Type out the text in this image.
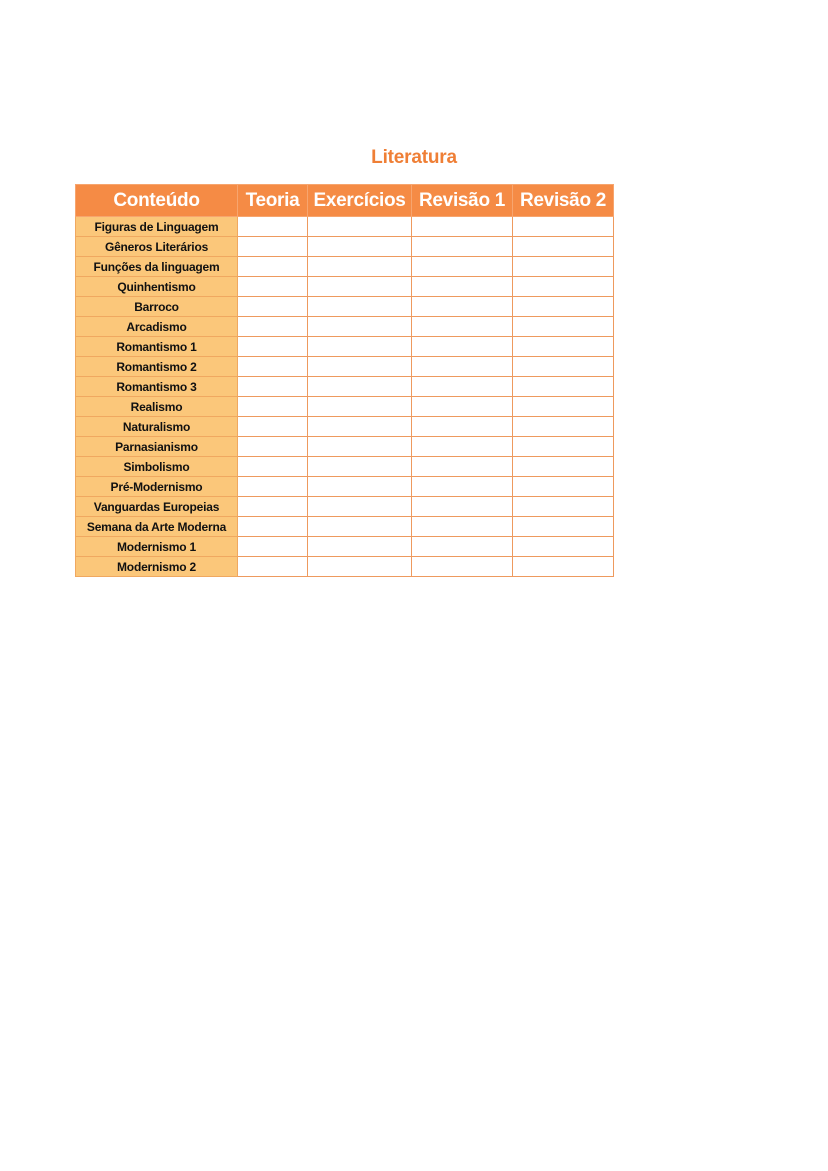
Literatura
Conteúdo	Teoria	Exercícios	Revisão 1	Revisão 2
Figuras de Linguagem				
Gêneros Literários				
Funções da linguagem				
Quinhentismo				
Barroco				
Arcadismo				
Romantismo 1				
Romantismo 2				
Romantismo 3				
Realismo				
Naturalismo				
Parnasianismo				
Simbolismo				
Pré-Modernismo				
Vanguardas Europeias				
Semana da Arte Moderna				
Modernismo 1				
Modernismo 2				
